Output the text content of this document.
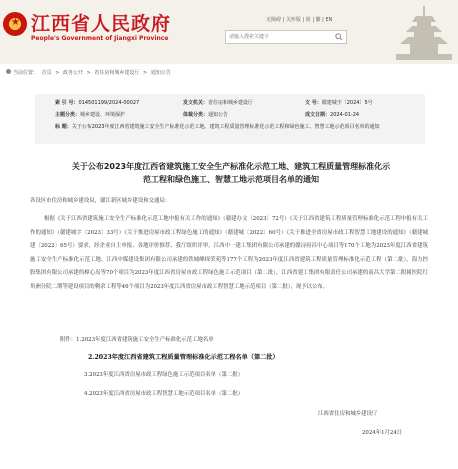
★ 江西省人民政府
People's Government of Jiangxi Province
无障碍 | 关怀版 | 简 | 繁 | EN
请输入搜索关键字
当前位置： 首页 > 政务公开 > 省住房和城乡建设厅 > 通知公告
索 引 号：014501199/2024-00027	发文机关：省住房和城乡建设厅	文 号：赣建城字〔2024〕5号
主题分类：城乡建设、环境保护	体裁分类：通知公告	成文日期：2024-01-24
标 题：关于公布2023年度江西省建筑施工安全生产标准化示范工地、建筑工程质量管理标准化示范工程和绿色施工、智慧工地示范项目名单的通知
关于公布2023年度江西省建筑施工安全生产标准化示范工地、建筑工程质量管理标准化示
范工程和绿色施工、智慧工地示范项目名单的通知
各设区市住房和城乡建设局，赣江新区城乡建设和交通局：
根据《关于江西省建筑施工安全生产标准化示范工地申报有关工作的通知》（赣建办文〔2023〕72号）《关于江西省建筑工程质量管理标准化示范工程申报有关工作的通知》（赣建城字〔2023〕33号）《关于推进房屋市政工程绿色施工的通知》（赣建城〔2022〕60号）《关于推进全省房屋市政工程智慧工地建设的通知》（赣建城建〔2022〕65号）要求，经企业自主申报、各地评价推荐、我厅组织评审，江西中一建工集团有限公司承建的赣浔府昌中心项目等170个工地为2023年度江西省建筑施工安全生产标准化示范工地、江西中煤建设集团有限公司承建的铁城峰探荣苑等177个工程为2023年度江西省建筑工程质量管理标准化示范工程（第二批），海力控股集团有限公司承建的樟心岛等70个项目为2023年度江西省房屋市政工程绿色施工示范项目（第二批），江西省建工集团有限责任公司承建的南昌大学第二附属医院红角洲分院二期等建设项目的剩余工程等46个项目为2023年度江西省房屋市政工程智慧工地示范项目（第二批），现予以公布。
附件：1.2023年度江西省建筑施工安全生产标准化示范工地名单
2.2023年度江西省建筑工程质量管理标准化示范工程名单（第二批）
3.2023年度江西省房屋市政工程绿色施工示范项目名单（第二批）
4.2023年度江西省房屋市政工程智慧工地示范项目名单（第二批）
江西省住房和城乡建设厅
2024年1月24日
